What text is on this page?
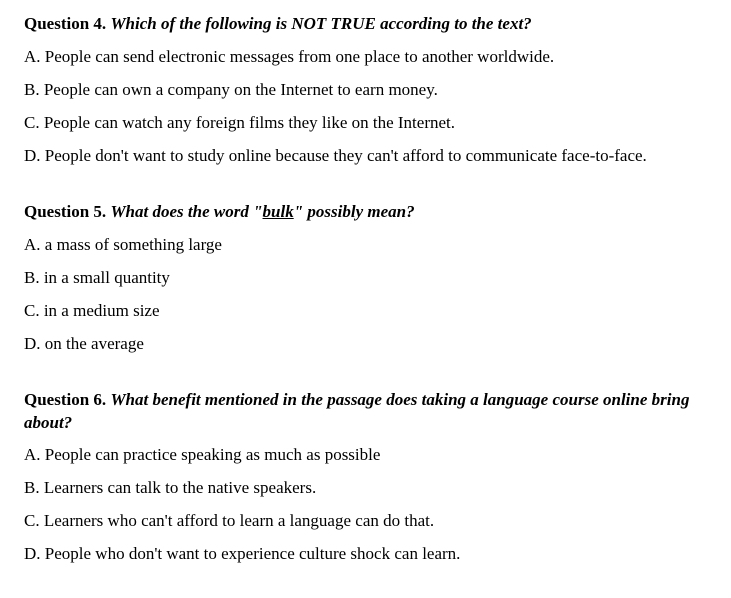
Question 4. Which of the following is NOT TRUE according to the text?

A. People can send electronic messages from one place to another worldwide.

B. People can own a company on the Internet to earn money.

C. People can watch any foreign films they like on the Internet.

D. People don't want to study online because they can't afford to communicate face-to-face.

Question 5. What does the word "bulk" possibly mean?

A. a mass of something large

B. in a small quantity

C. in a medium size

D. on the average

Question 6. What benefit mentioned in the passage does taking a language course online bring about?

A. People can practice speaking as much as possible

B. Learners can talk to the native speakers.

C. Learners who can't afford to learn a language can do that.

D. People who don't want to experience culture shock can learn.
